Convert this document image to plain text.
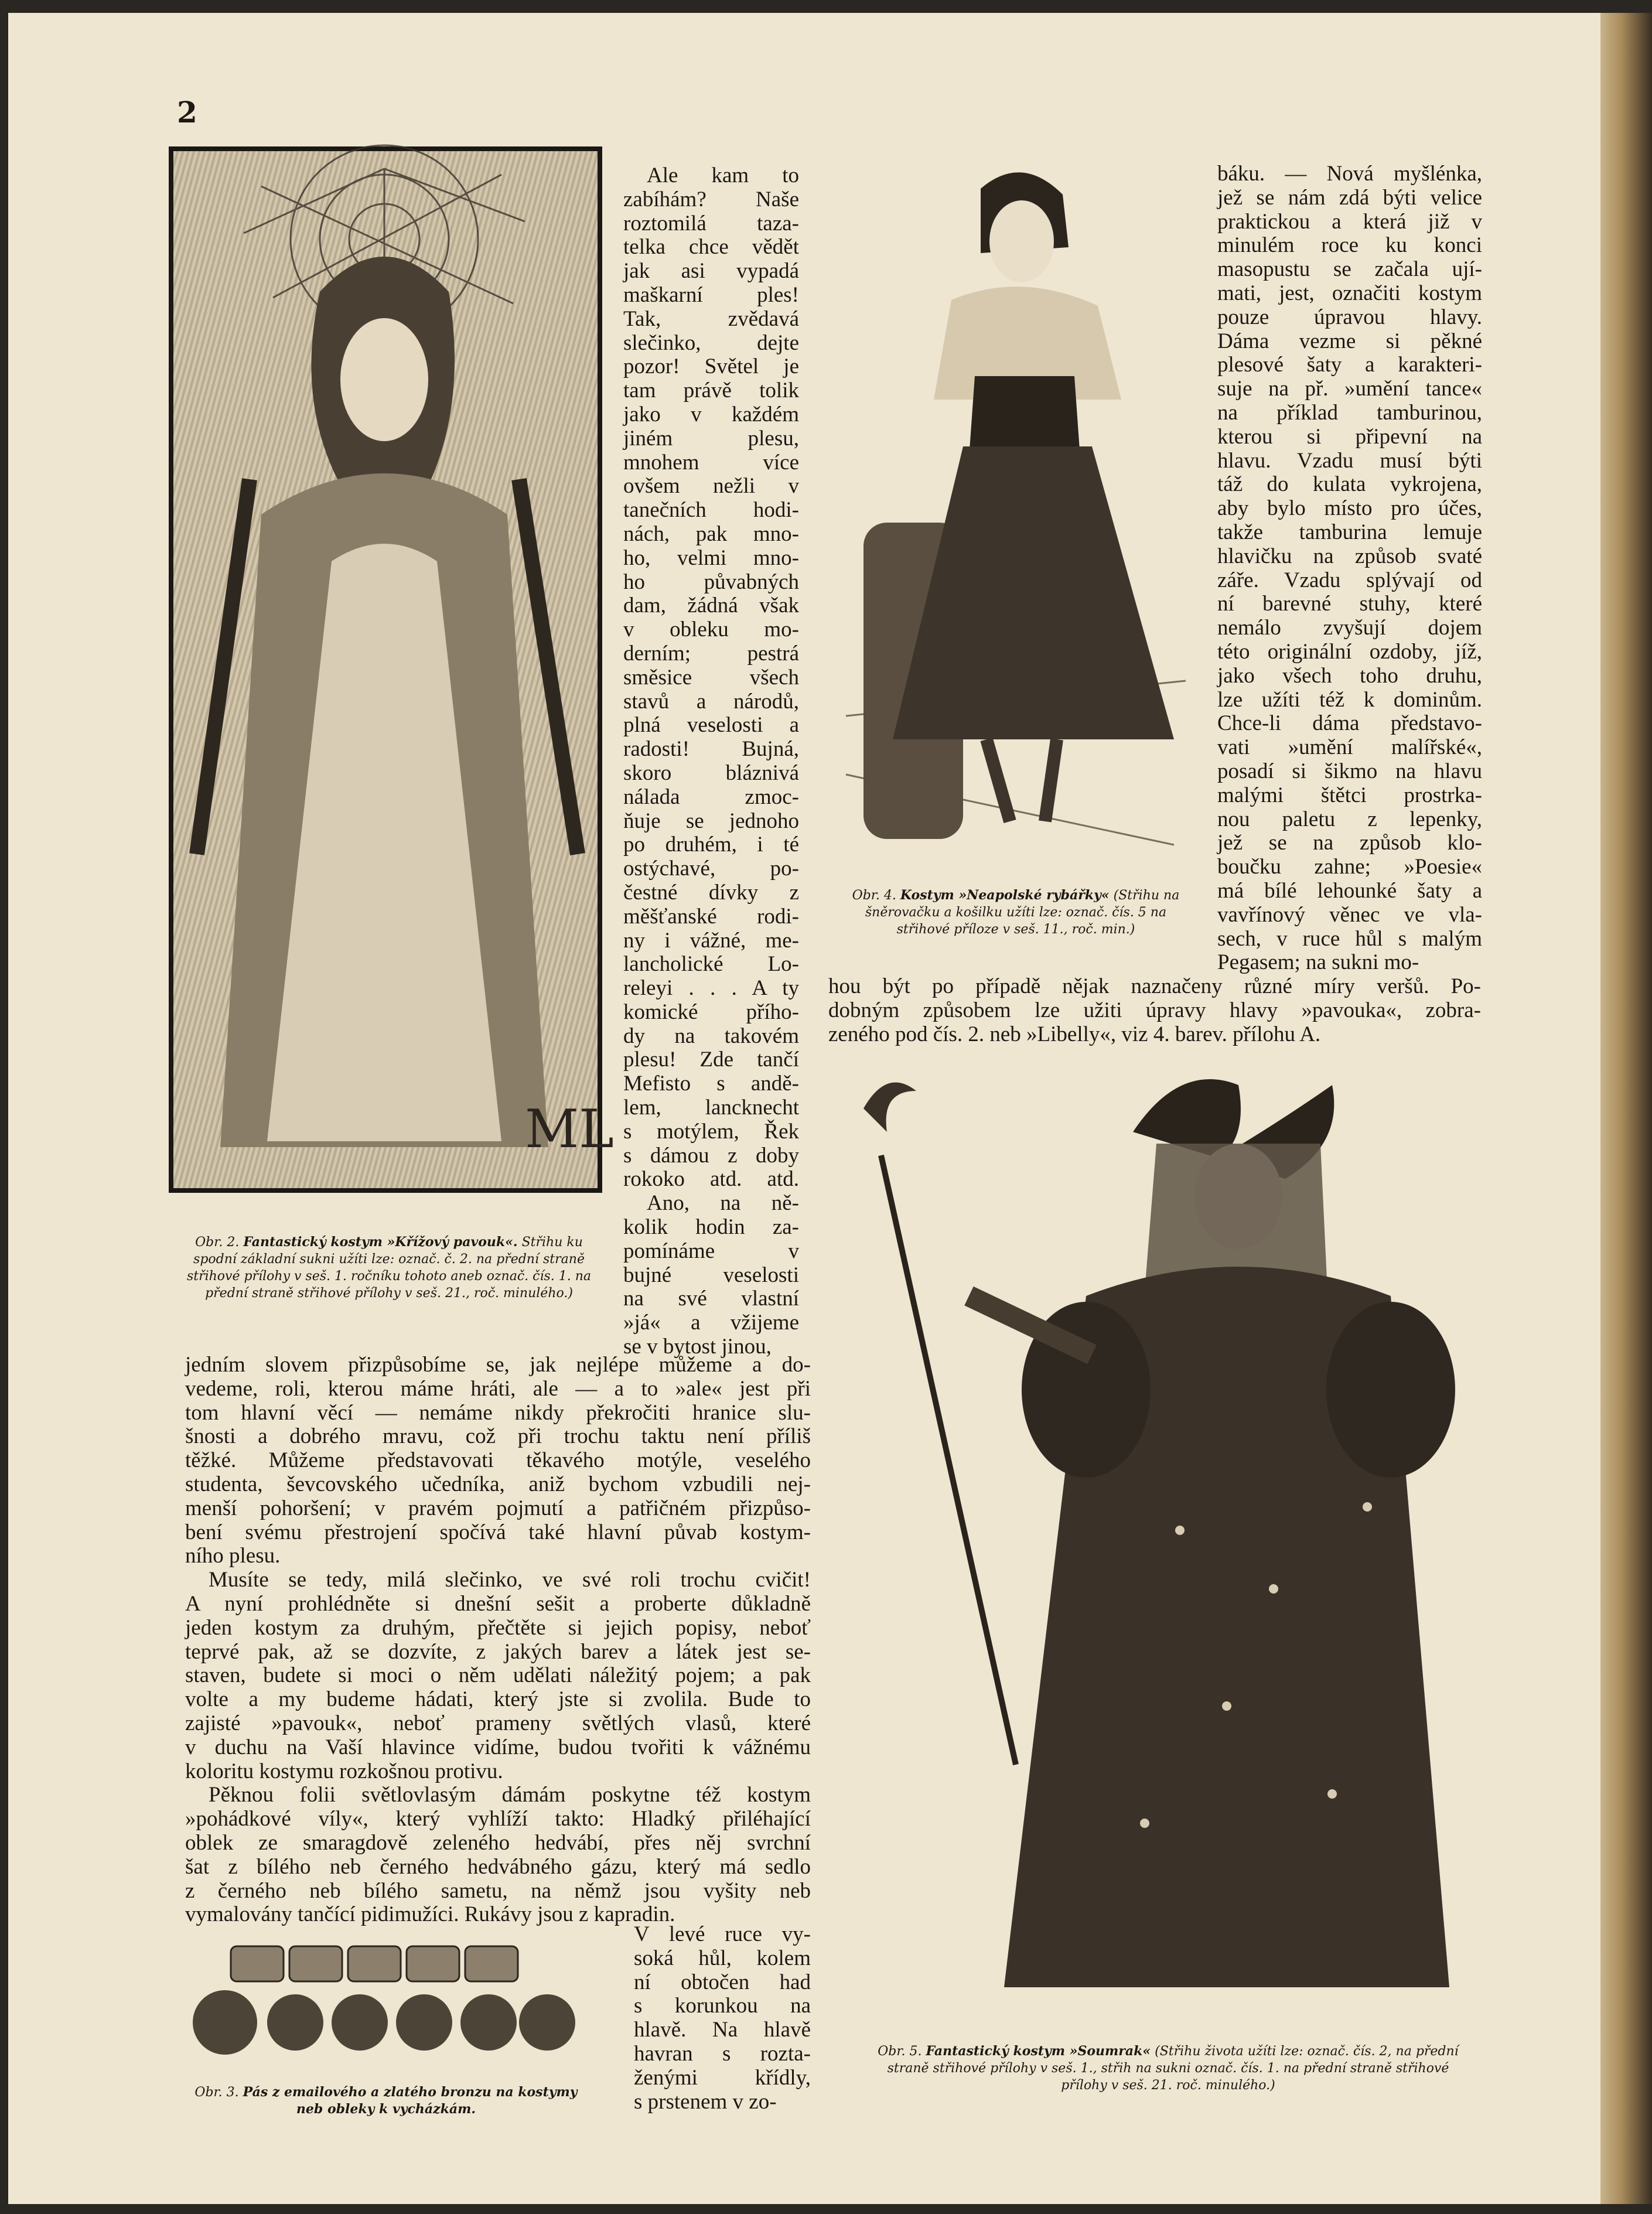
2
ML
Obr. 2. Fantastický kostym »Křížový pavouk«. Střihu ku spodní základní sukni užíti lze: označ. č. 2. na přední straně střihové přílohy v seš. 1. ročníku tohoto aneb označ. čís. 1. na přední straně střihové přílohy v seš. 21., roč. minulého.)
Obr. 4. Kostym »Neapolské rybářky« (Střihu na šněrovačku a košilku užíti lze: označ. čís. 5 na střihové příloze v seš. 11., roč. min.)
Obr. 5. Fantastický kostym »Soumrak« (Střihu života užíti lze: označ. čís. 2, na přední straně střihové přílohy v seš. 1., střih na sukni označ. čís. 1. na přední straně střihové přílohy v seš. 21. roč. minulého.)
Obr. 3. Pás z emailového a zlatého bronzu na kostymy neb obleky k vycházkám.

Ale kam to

zabíhám? Naše

roztomilá taza-

telka chce vědět

jak asi vypadá

maškarní ples!

Tak, zvědavá

slečinko, dejte

pozor! Světel je

tam právě tolik

jako v každém

jiném plesu,

mnohem více

ovšem nežli v

tanečních hodi-

nách, pak mno-

ho, velmi mno-

ho půvabných

dam, žádná však

v obleku mo-

derním; pestrá

směsice všech

stavů a národů,

plná veselosti a

radosti! Bujná,

skoro bláznivá

nálada zmoc-

ňuje se jednoho

po druhém, i té

ostýchavé, po-

čestné dívky z

měšťanské rodi-

ny i vážné, me-

lancholické Lo-

releyi . . . A ty

komické přího-

dy na takovém

plesu! Zde tančí

Mefisto s andě-

lem, lancknecht

s motýlem, Řek

s dámou z doby

rokoko atd. atd.

Ano, na ně-

kolik hodin za-

pomínáme v

bujné veselosti

na své vlastní

»já« a vžijeme

se v bytost jinou,

jedním slovem přizpůsobíme se, jak nejlépe můžeme a do-

vedeme, roli, kterou máme hráti, ale — a to »ale« jest při

tom hlavní věcí — nemáme nikdy překročiti hranice slu-

šnosti a dobrého mravu, což při trochu taktu není příliš

těžké. Můžeme představovati těkavého motýle, veselého

studenta, ševcovského učedníka, aniž bychom vzbudili nej-

menší pohoršení; v pravém pojmutí a patřičném přizpůso-

bení svému přestrojení spočívá také hlavní půvab kostym-

ního plesu.

Musíte se tedy, milá slečinko, ve své roli trochu cvičit!

A nyní prohlédněte si dnešní sešit a proberte důkladně

jeden kostym za druhým, přečtěte si jejich popisy, neboť

teprvé pak, až se dozvíte, z jakých barev a látek jest se-

staven, budete si moci o něm udělati náležitý pojem; a pak

volte a my budeme hádati, který jste si zvolila. Bude to

zajisté »pavouk«, neboť prameny světlých vlasů, které

v duchu na Vaší hlavince vidíme, budou tvořiti k vážnému

koloritu kostymu rozkošnou protivu.

Pěknou folii světlovlasým dámám poskytne též kostym

»pohádkové víly«, který vyhlíží takto: Hladký přiléhající

oblek ze smaragdově zeleného hedvábí, přes něj svrchní

šat z bílého neb černého hedvábného gázu, který má sedlo

z černého neb bílého sametu, na němž jsou vyšity neb

vymalovány tančící pidimužíci. Rukávy jsou z kapradin.

V levé ruce vy-

soká hůl, kolem

ní obtočen had

s korunkou na

hlavě. Na hlavě

havran s rozta-

ženými křídly,

s prstenem v zo-

báku. — Nová myšlénka,

jež se nám zdá býti velice

praktickou a která již v

minulém roce ku konci

masopustu se začala ují-

mati, jest, označiti kostym

pouze úpravou hlavy.

Dáma vezme si pěkné

plesové šaty a karakteri-

suje na př. »umění tance«

na příklad tamburinou,

kterou si připevní na

hlavu. Vzadu musí býti

táž do kulata vykrojena,

aby bylo místo pro účes,

takže tamburina lemuje

hlavičku na způsob svaté

záře. Vzadu splývají od

ní barevné stuhy, které

nemálo zvyšují dojem

této originální ozdoby, jíž,

jako všech toho druhu,

lze užíti též k dominům.

Chce-li dáma představo-

vati »umění malířské«,

posadí si šikmo na hlavu

malými štětci prostrka-

nou paletu z lepenky,

jež se na způsob klo-

boučku zahne; »Poesie«

má bílé lehounké šaty a

vavřínový věnec ve vla-

sech, v ruce hůl s malým

Pegasem; na sukni mo-

hou být po případě nějak naznačeny různé míry veršů. Po-

dobným způsobem lze užiti úpravy hlavy »pavouka«, zobra-

zeného pod čís. 2. neb »Libelly«, viz 4. barev. přílohu A.
